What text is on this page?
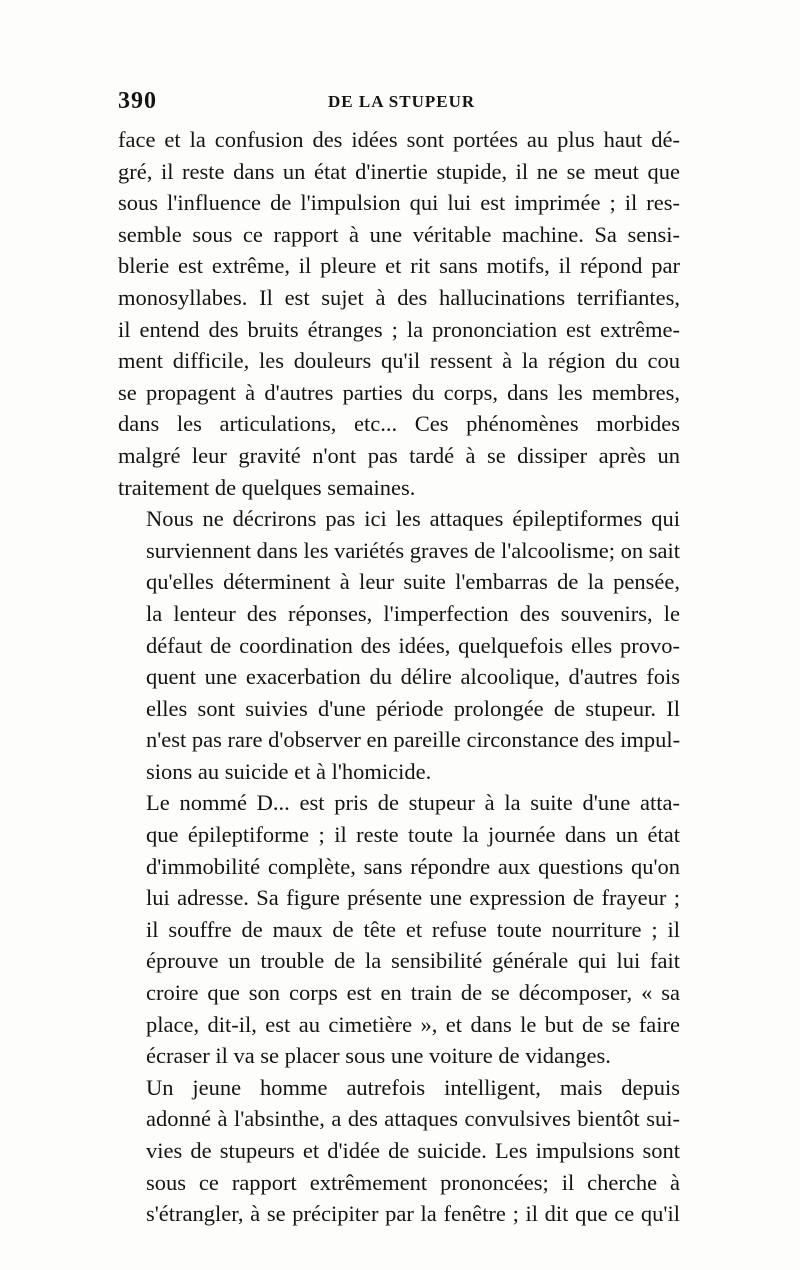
390	DE LA STUPEUR

face et la confusion des idées sont portées au plus haut dé-
gré, il reste dans un état d'inertie stupide, il ne se meut que
sous l'influence de l'impulsion qui lui est imprimée ; il res-
semble sous ce rapport à une véritable machine. Sa sensi-
blerie est extrême, il pleure et rit sans motifs, il répond par
monosyllabes. Il est sujet à des hallucinations terrifiantes,
il entend des bruits étranges ; la prononciation est extrême-
ment difficile, les douleurs qu'il ressent à la région du cou
se propagent à d'autres parties du corps, dans les membres,
dans les articulations, etc... Ces phénomènes morbides
malgré leur gravité n'ont pas tardé à se dissiper après un
traitement de quelques semaines.

Nous ne décrirons pas ici les attaques épileptiformes qui
surviennent dans les variétés graves de l'alcoolisme; on sait
qu'elles déterminent à leur suite l'embarras de la pensée,
la lenteur des réponses, l'imperfection des souvenirs, le
défaut de coordination des idées, quelquefois elles provo-
quent une exacerbation du délire alcoolique, d'autres fois
elles sont suivies d'une période prolongée de stupeur. Il
n'est pas rare d'observer en pareille circonstance des impul-
sions au suicide et à l'homicide.

Le nommé D... est pris de stupeur à la suite d'une atta-
que épileptiforme ; il reste toute la journée dans un état
d'immobilité complète, sans répondre aux questions qu'on
lui adresse. Sa figure présente une expression de frayeur ;
il souffre de maux de tête et refuse toute nourriture ; il
éprouve un trouble de la sensibilité générale qui lui fait
croire que son corps est en train de se décomposer, « sa
place, dit-il, est au cimetière », et dans le but de se faire
écraser il va se placer sous une voiture de vidanges.

Un jeune homme autrefois intelligent, mais depuis
adonné à l'absinthe, a des attaques convulsives bientôt sui-
vies de stupeurs et d'idée de suicide. Les impulsions sont
sous ce rapport extrêmement prononcées; il cherche à
s'étrangler, à se précipiter par la fenêtre ; il dit que ce qu'il
